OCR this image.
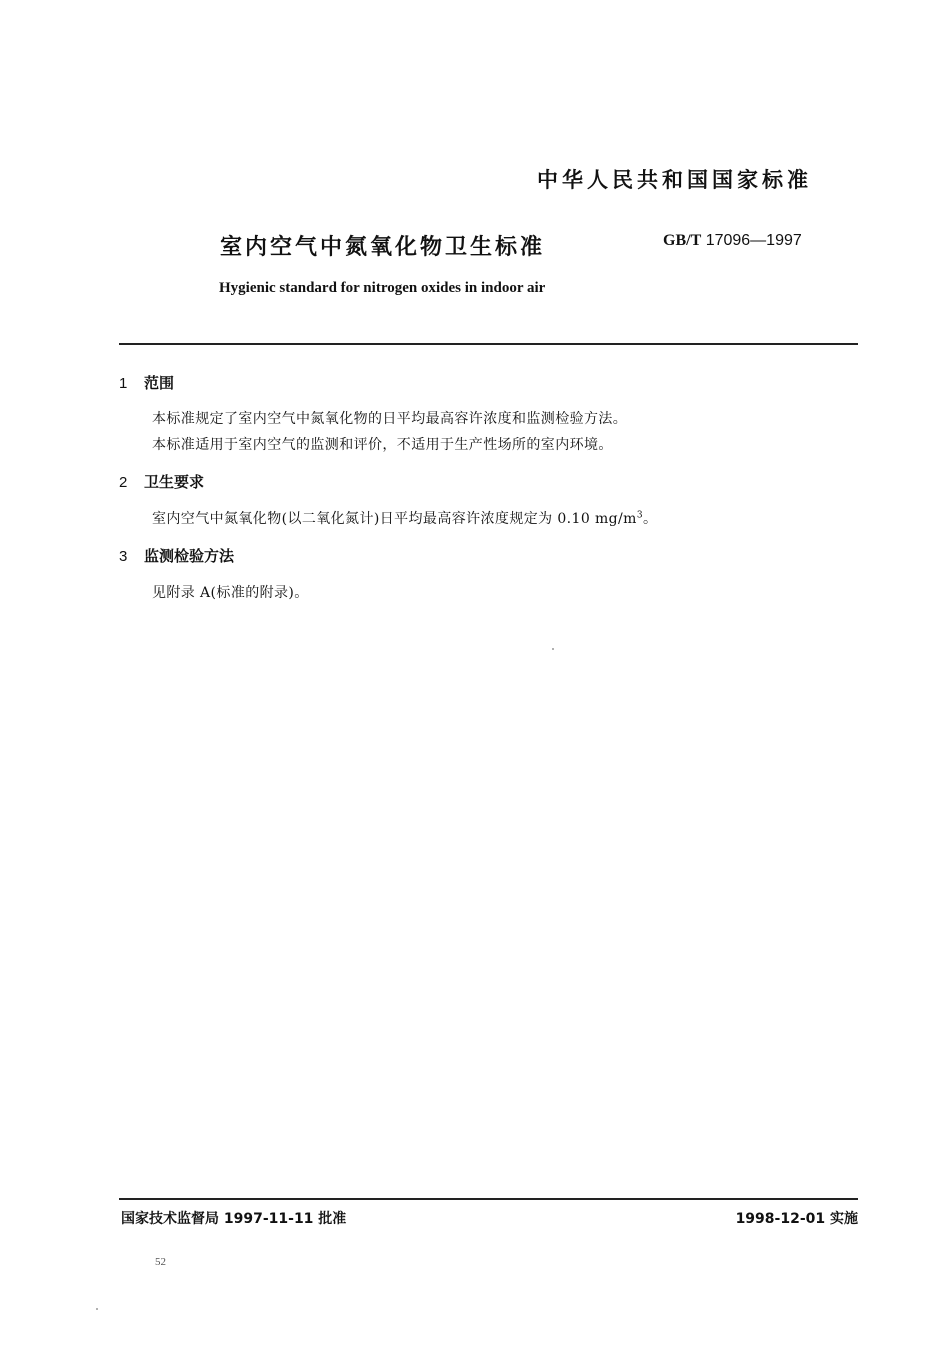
中华人民共和国国家标准
室内空气中氮氧化物卫生标准	GB/T 17096—1997
Hygienic standard for nitrogen oxides in indoor air
1 范围
本标准规定了室内空气中氮氧化物的日平均最高容许浓度和监测检验方法。
本标准适用于室内空气的监测和评价，不适用于生产性场所的室内环境。
2 卫生要求
室内空气中氮氧化物(以二氧化氮计)日平均最高容许浓度规定为 0.10 $mg/m^3$。
3 监测检验方法
见附录 A(标准的附录)。
国家技术监督局 1997-11-11 批准	1998-12-01 实施
52
